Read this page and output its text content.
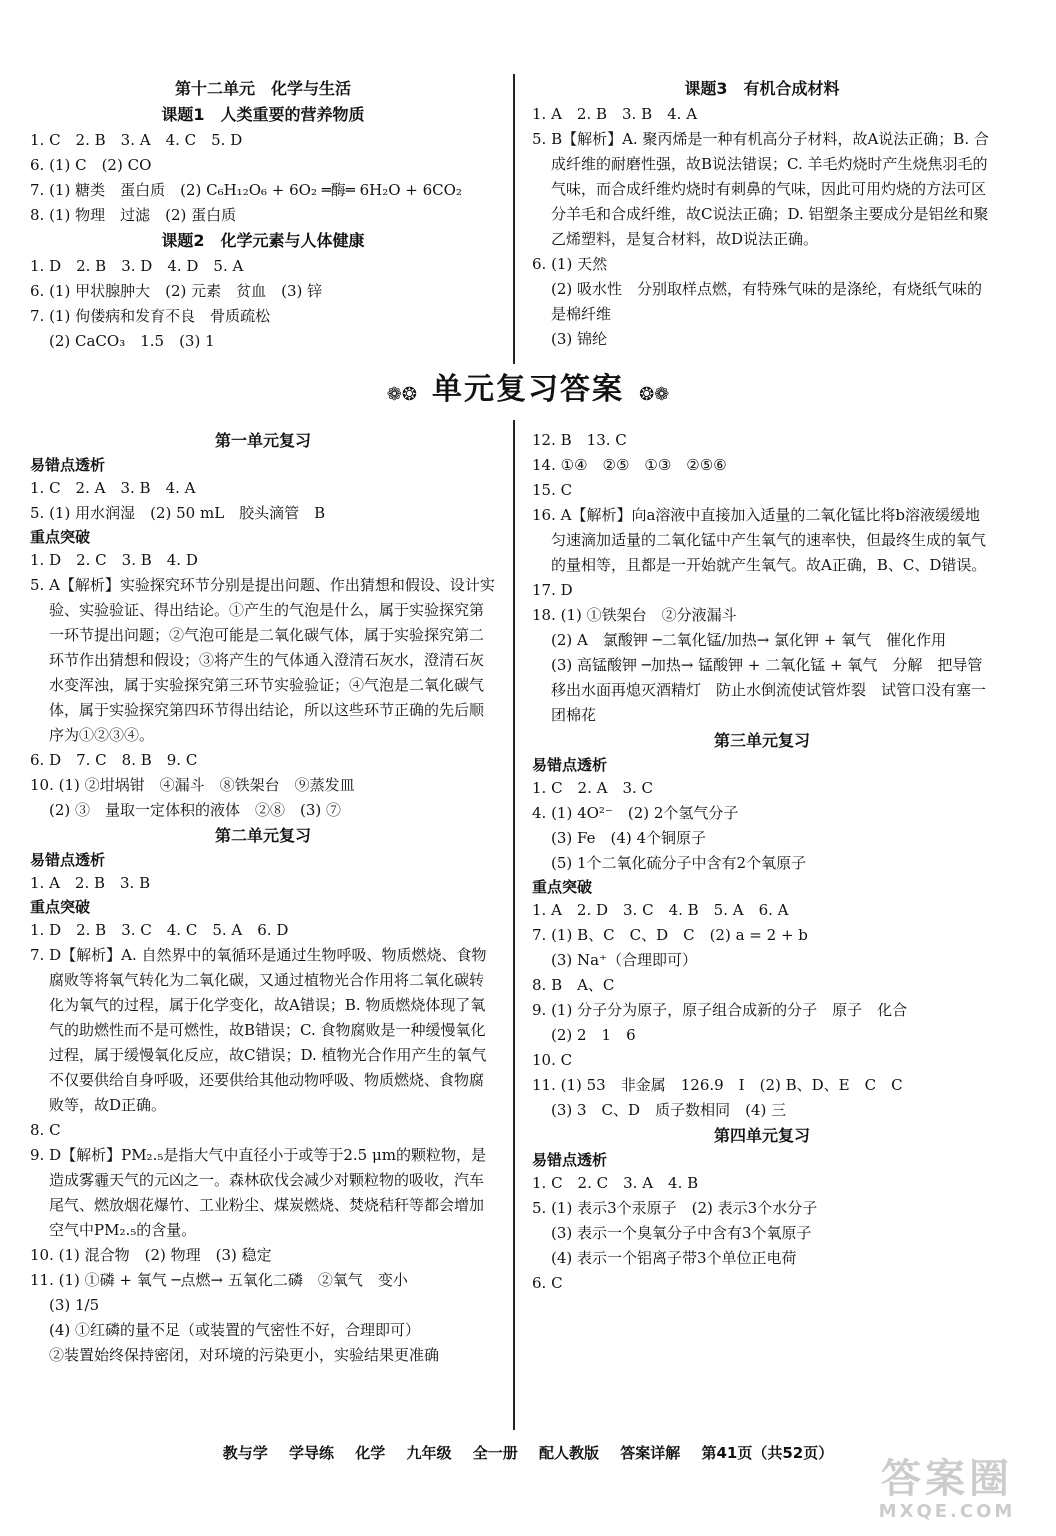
第十二单元　化学与生活
课题1　人类重要的营养物质
1. C　2. B　3. A　4. C　5. D
6. (1) C　(2) CO
7. (1) 糖类　蛋白质　(2) C₆H₁₂O₆ + 6O₂ ═酶═ 6H₂O + 6CO₂
8. (1) 物理　过滤　(2) 蛋白质
课题2　化学元素与人体健康
1. D　2. B　3. D　4. D　5. A
6. (1) 甲状腺肿大　(2) 元素　贫血　(3) 锌
7. (1) 佝偻病和发育不良　骨质疏松
(2) CaCO₃　1.5　(3) 1
课题3　有机合成材料
1. A　2. B　3. B　4. A
5. B【解析】A. 聚丙烯是一种有机高分子材料，故A说法正确；B. 合成纤维的耐磨性强，故B说法错误；C. 羊毛灼烧时产生烧焦羽毛的气味，而合成纤维灼烧时有刺鼻的气味，因此可用灼烧的方法可区分羊毛和合成纤维，故C说法正确；D. 铝塑条主要成分是铝丝和聚乙烯塑料，是复合材料，故D说法正确。
6. (1) 天然
(2) 吸水性　分别取样点燃，有特殊气味的是涤纶，有烧纸气味的是棉纤维
(3) 锦纶
❁❂ 单元复习答案 ❂❁
第一单元复习
易错点透析
1. C　2. A　3. B　4. A
5. (1) 用水润湿　(2) 50 mL　胶头滴管　B
重点突破
1. D　2. C　3. B　4. D
5. A【解析】实验探究环节分别是提出问题、作出猜想和假设、设计实验、实验验证、得出结论。①产生的气泡是什么，属于实验探究第一环节提出问题；②气泡可能是二氧化碳气体，属于实验探究第二环节作出猜想和假设；③将产生的气体通入澄清石灰水，澄清石灰水变浑浊，属于实验探究第三环节实验验证；④气泡是二氧化碳气体，属于实验探究第四环节得出结论，所以这些环节正确的先后顺序为①②③④。
6. D　7. C　8. B　9. C
10. (1) ②坩埚钳　④漏斗　⑧铁架台　⑨蒸发皿
(2) ③　量取一定体积的液体　②⑧　(3) ⑦
第二单元复习
易错点透析
1. A　2. B　3. B
重点突破
1. D　2. B　3. C　4. C　5. A　6. D
7. D【解析】A. 自然界中的氧循环是通过生物呼吸、物质燃烧、食物腐败等将氧气转化为二氧化碳，又通过植物光合作用将二氧化碳转化为氧气的过程，属于化学变化，故A错误；B. 物质燃烧体现了氧气的助燃性而不是可燃性，故B错误；C. 食物腐败是一种缓慢氧化过程，属于缓慢氧化反应，故C错误；D. 植物光合作用产生的氧气不仅要供给自身呼吸，还要供给其他动物呼吸、物质燃烧、食物腐败等，故D正确。
8. C
9. D【解析】PM₂.₅是指大气中直径小于或等于2.5 μm的颗粒物，是造成雾霾天气的元凶之一。森林砍伐会减少对颗粒物的吸收，汽车尾气、燃放烟花爆竹、工业粉尘、煤炭燃烧、焚烧秸秆等都会增加空气中PM₂.₅的含量。
10. (1) 混合物　(2) 物理　(3) 稳定
11. (1) ①磷 + 氧气 ─点燃→ 五氧化二磷　②氧气　变小
(3) 1/5
(4) ①红磷的量不足（或装置的气密性不好，合理即可）
②装置始终保持密闭，对环境的污染更小，实验结果更准确
12. B　13. C
14. ①④　②⑤　①③　②⑤⑥
15. C
16. A【解析】向a溶液中直接加入适量的二氧化锰比将b溶液缓缓地匀速滴加适量的二氧化锰中产生氧气的速率快，但最终生成的氧气的量相等，且都是一开始就产生氧气。故A正确，B、C、D错误。
17. D
18. (1) ①铁架台　②分液漏斗
(2) A　氯酸钾 ─二氧化锰/加热→ 氯化钾 + 氧气　催化作用
(3) 高锰酸钾 ─加热→ 锰酸钾 + 二氧化锰 + 氧气　分解　把导管移出水面再熄灭酒精灯　防止水倒流使试管炸裂　试管口没有塞一团棉花
第三单元复习
易错点透析
1. C　2. A　3. C
4. (1) 4O²⁻　(2) 2个氢气分子
(3) Fe　(4) 4个铜原子
(5) 1个二氧化硫分子中含有2个氧原子
重点突破
1. A　2. D　3. C　4. B　5. A　6. A
7. (1) B、C　C、D　C　(2) a = 2 + b
(3) Na⁺（合理即可）
8. B　A、C
9. (1) 分子分为原子，原子组合成新的分子　原子　化合
(2) 2　1　6
10. C
11. (1) 53　非金属　126.9　I　(2) B、D、E　C　C
(3) 3　C、D　质子数相同　(4) 三
第四单元复习
易错点透析
1. C　2. C　3. A　4. B
5. (1) 表示3个汞原子　(2) 表示3个水分子
(3) 表示一个臭氧分子中含有3个氧原子
(4) 表示一个铝离子带3个单位正电荷
6. C
教与学 学导练 化学 九年级 全一册 配人教版 答案详解 第41页（共52页）
答案圈
MXQE.COM
